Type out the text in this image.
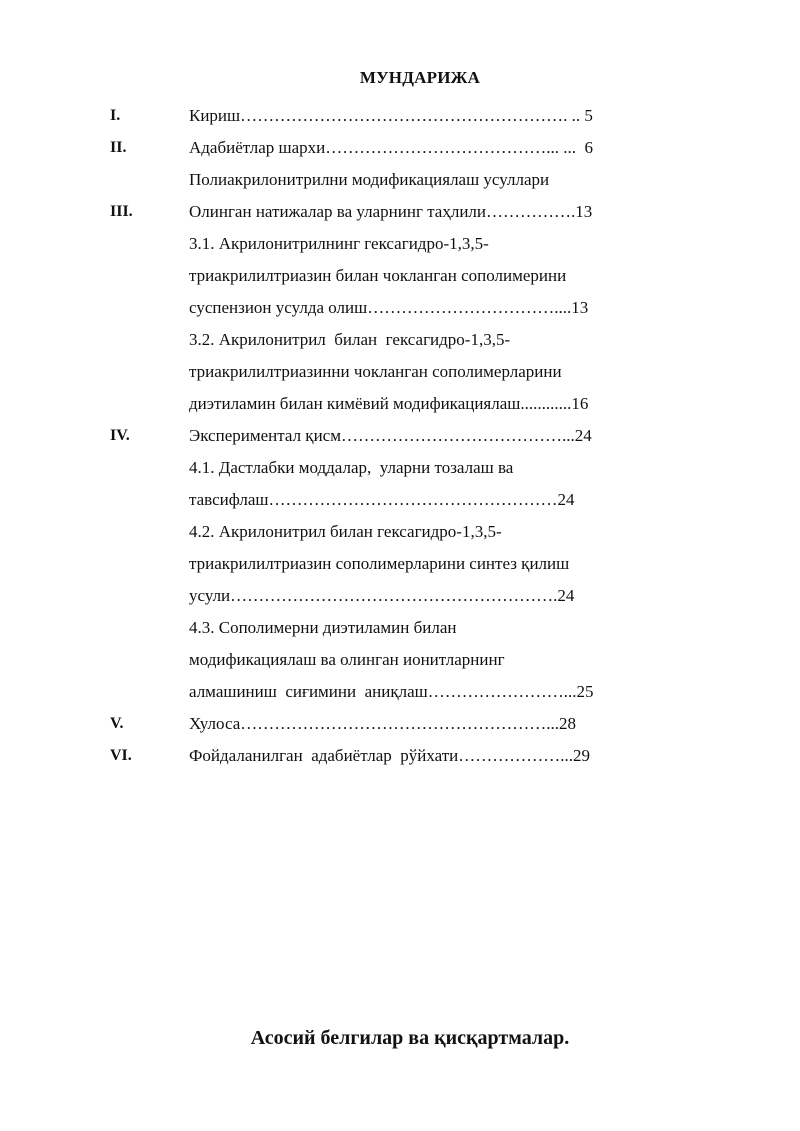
МУНДАРИЖА
I.	Кириш…………………………………………………. .. 5
II.	Адабиётлар шархи…………………………………... ...  6
Полиакрилонитрилни модификациялаш усуллари
III.	Олинган натижалар ва уларнинг таҳлили…………….13
3.1. Акрилонитрилнинг гексагидро-1,3,5-
триакрилилтриазин билан чокланган сополимерини
суспензион усулда олиш……………………………....13
3.2. Акрилонитрил  билан  гексагидро-1,3,5-
триакрилилтриазинни чокланган сополимерларини
диэтиламин билан кимёвий модификациялаш............16
IV.	Экспериментал қисм…………………………………...24
4.1. Дастлабки моддалар,  уларни тозалаш ва
тавсифлаш……………………………………………24
4.2. Акрилонитрил билан гексагидро-1,3,5-
триакрилилтриазин сополимерларини синтез қилиш
усули………………………………………………….24
4.3. Сополимерни диэтиламин билан
модификациялаш ва олинган ионитларнинг
алмашиниш  сиғимини  аниқлаш……………………...25
V.	Хулоса………………………………………………...28
VI.	Фойдаланилган  адабиётлар  рўйхати………………...29
Асосий белгилар ва қисқартмалар.
